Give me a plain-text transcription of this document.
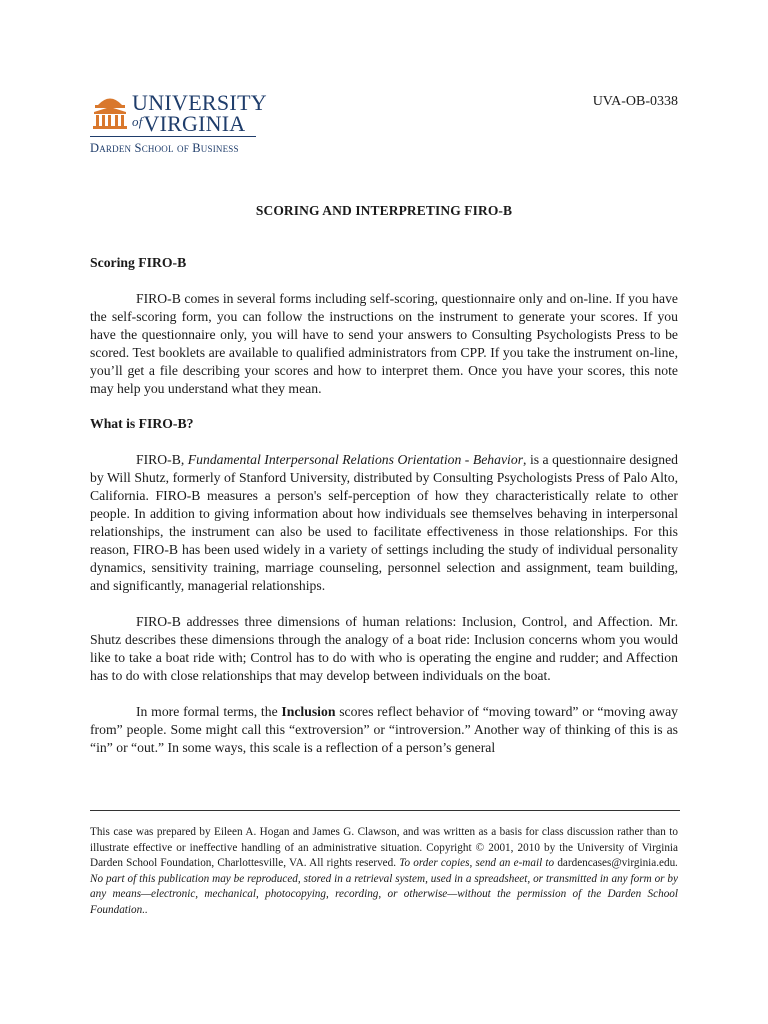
UNIVERSITY
$^{of}$VIRGINIA
Darden School of Business
UVA-OB-0338
SCORING AND INTERPRETING FIRO-B

Scoring FIRO-B

FIRO-B comes in several forms including self-scoring, questionnaire only and on-line. If you have the self-scoring form, you can follow the instructions on the instrument to generate your scores. If you have the questionnaire only, you will have to send your answers to Consulting Psychologists Press to be scored. Test booklets are available to qualified administrators from CPP. If you take the instrument on-line, you’ll get a file describing your scores and how to interpret them. Once you have your scores, this note may help you understand what they mean.

What is FIRO-B?

FIRO-B, Fundamental Interpersonal Relations Orientation - Behavior, is a questionnaire designed by Will Shutz, formerly of Stanford University, distributed by Consulting Psychologists Press of Palo Alto, California. FIRO-B measures a person's self-perception of how they characteristically relate to other people. In addition to giving information about how individuals see themselves behaving in interpersonal relationships, the instrument can also be used to facilitate effectiveness in those relationships. For this reason, FIRO-B has been used widely in a variety of settings including the study of individual personality dynamics, sensitivity training, marriage counseling, personnel selection and assignment, team building, and significantly, managerial relationships.

FIRO-B addresses three dimensions of human relations: Inclusion, Control, and Affection. Mr. Shutz describes these dimensions through the analogy of a boat ride: Inclusion concerns whom you would like to take a boat ride with; Control has to do with who is operating the engine and rudder; and Affection has to do with close relationships that may develop between individuals on the boat.

In more formal terms, the Inclusion scores reflect behavior of “moving toward” or “moving away from” people. Some might call this “extroversion” or “introversion.” Another way of thinking of this is as “in” or “out.” In some ways, this scale is a reflection of a person’s general

This case was prepared by Eileen A. Hogan and James G. Clawson, and was written as a basis for class discussion rather than to illustrate effective or ineffective handling of an administrative situation. Copyright © 2001, 2010 by the University of Virginia Darden School Foundation, Charlottesville, VA. All rights reserved. To order copies, send an e-mail to dardencases@virginia.edu. No part of this publication may be reproduced, stored in a retrieval system, used in a spreadsheet, or transmitted in any form or by any means—electronic, mechanical, photocopying, recording, or otherwise—without the permission of the Darden School Foundation..
